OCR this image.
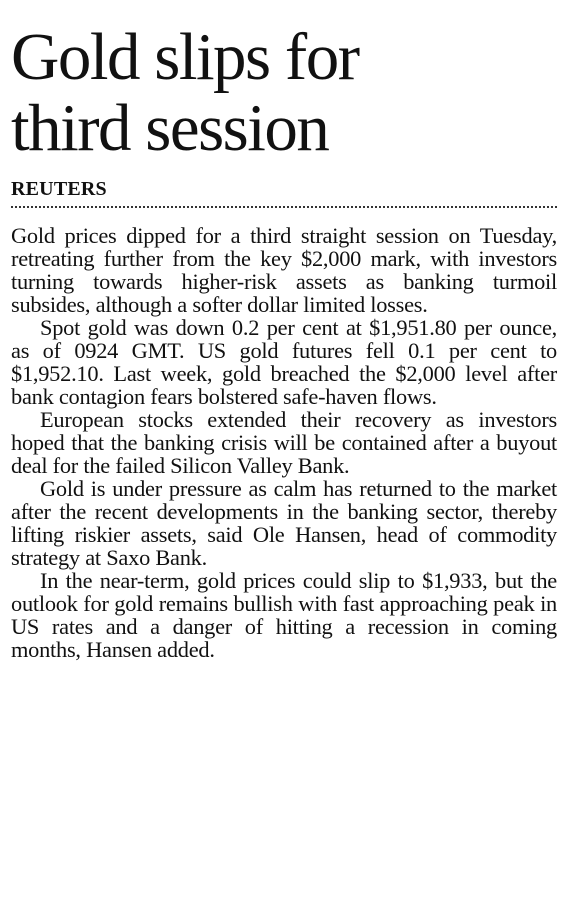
Gold slips for
third session
REUTERS

Gold prices dipped for a third straight session on Tuesday, retreating further from the key $2,000 mark, with investors turning towards higher-risk assets as banking turmoil subsides, although a softer dollar limited losses.

Spot gold was down 0.2 per cent at $1,951.80 per ounce, as of 0924 GMT. US gold futures fell 0.1 per cent to $1,952.10. Last week, gold breached the $2,000 level after bank contagion fears bolstered safe-haven flows.

European stocks extended their recovery as investors hoped that the banking crisis will be contained after a buyout deal for the failed Silicon Valley Bank.

Gold is under pressure as calm has returned to the market after the recent developments in the banking sector, thereby lifting riskier assets, said Ole Hansen, head of commodity strategy at Saxo Bank.

In the near-term, gold prices could slip to $1,933, but the outlook for gold remains bullish with fast approaching peak in US rates and a danger of hitting a recession in coming months, Hansen added.
